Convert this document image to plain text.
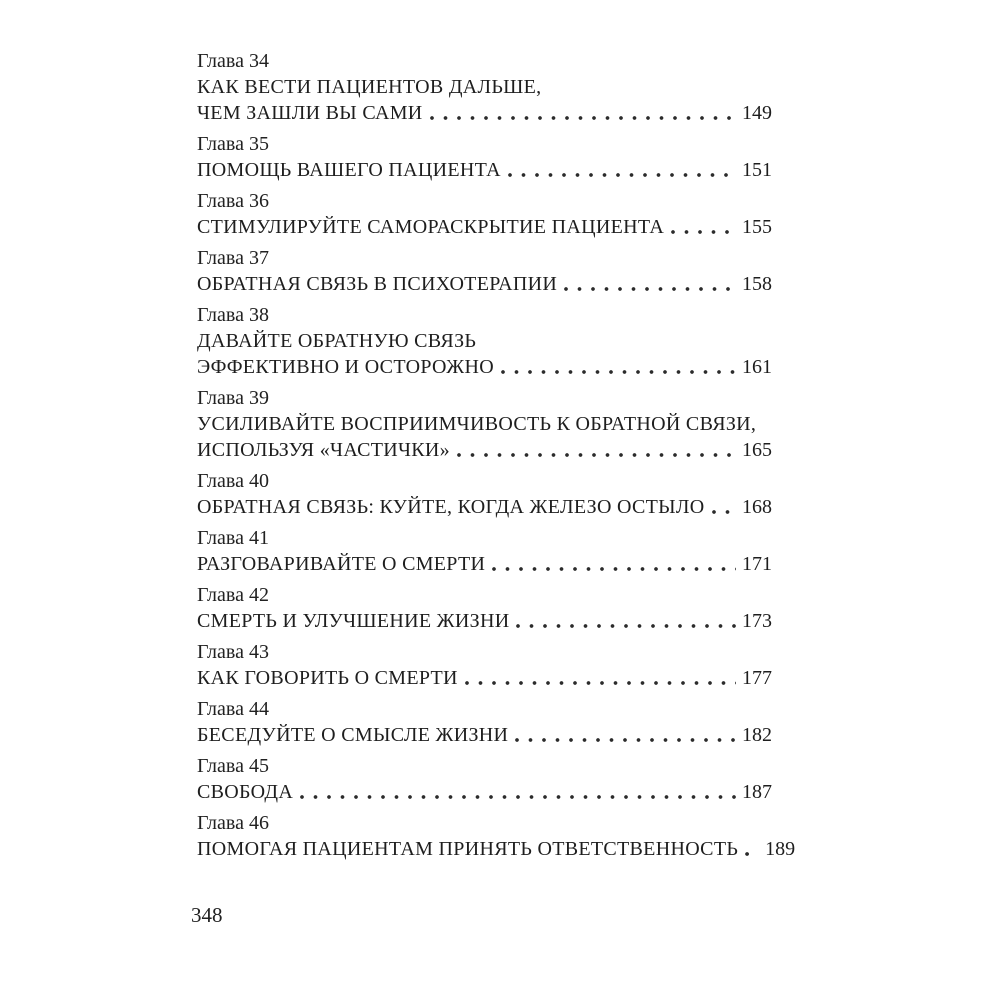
Глава 34
КАК ВЕСТИ ПАЦИЕНТОВ ДАЛЬШЕ,
ЧЕМ ЗАШЛИ ВЫ САМИ	149
Глава 35
ПОМОЩЬ ВАШЕГО ПАЦИЕНТА	151
Глава 36
СТИМУЛИРУЙТЕ САМОРАСКРЫТИЕ ПАЦИЕНТА	155
Глава 37
ОБРАТНАЯ СВЯЗЬ В ПСИХОТЕРАПИИ	158
Глава 38
ДАВАЙТЕ ОБРАТНУЮ СВЯЗЬ
ЭФФЕКТИВНО И ОСТОРОЖНО	161
Глава 39
УСИЛИВАЙТЕ ВОСПРИИМЧИВОСТЬ К ОБРАТНОЙ СВЯЗИ,
ИСПОЛЬЗУЯ «ЧАСТИЧКИ»	165
Глава 40
ОБРАТНАЯ СВЯЗЬ: КУЙТЕ, КОГДА ЖЕЛЕЗО ОСТЫЛО 168
Глава 41
РАЗГОВАРИВАЙТЕ О СМЕРТИ	171
Глава 42
СМЕРТЬ И УЛУЧШЕНИЕ ЖИЗНИ	173
Глава 43
КАК ГОВОРИТЬ О СМЕРТИ	177
Глава 44
БЕСЕДУЙТЕ О СМЫСЛЕ ЖИЗНИ	182
Глава 45
СВОБОДА	187
Глава 46
ПОМОГАЯ ПАЦИЕНТАМ ПРИНЯТЬ ОТВЕТСТВЕННОСТЬ 189
348
